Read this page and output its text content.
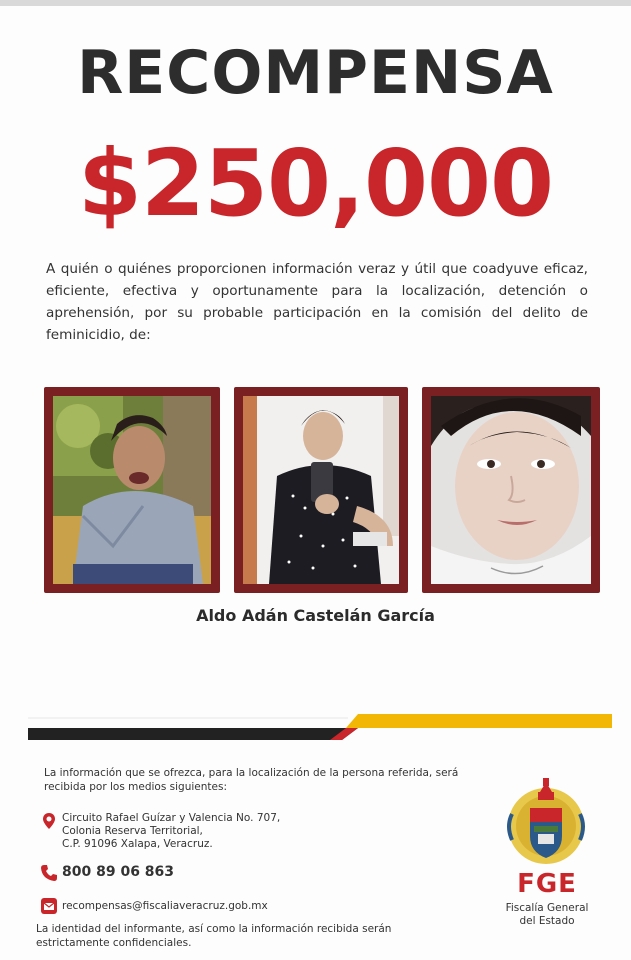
RECOMPENSA
$250,000
A quién o quiénes proporcionen información veraz y útil que coadyuve eficaz, eficiente, efectiva y oportunamente para la localización, detención o aprehensión, por su probable participación en la comisión del delito de feminicidio, de:
Aldo Adán Castelán García
La información que se ofrezca, para la localización de la persona referida, será recibida por los medios siguientes:
Circuito Rafael Guízar y Valencia No. 707,
Colonia Reserva Territorial,
C.P. 91096 Xalapa, Veracruz.
800 89 06 863
recompensas@fiscaliaveracruz.gob.mx
La identidad del informante, así como la información recibida serán estrictamente confidenciales.
FGE
Fiscalía General
del Estado
